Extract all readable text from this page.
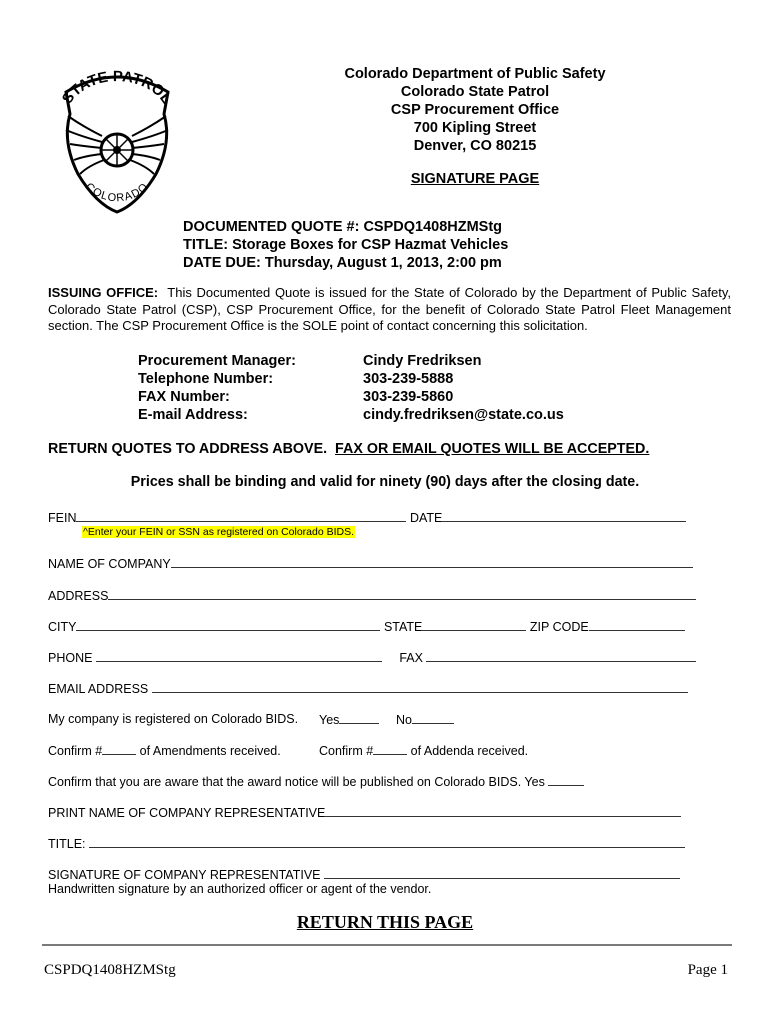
STATE PATROL
COLORADO
Colorado Department of Public Safety
Colorado State Patrol
CSP Procurement Office
700 Kipling Street
Denver, CO 80215
SIGNATURE PAGE
DOCUMENTED QUOTE #: CSPDQ1408HZMStg
TITLE: Storage Boxes for CSP Hazmat Vehicles
DATE DUE: Thursday, August 1, 2013, 2:00 pm
ISSUING OFFICE: This Documented Quote is issued for the State of Colorado by the Department of Public Safety, Colorado State Patrol (CSP), CSP Procurement Office, for the benefit of Colorado State Patrol Fleet Management section. The CSP Procurement Office is the SOLE point of contact concerning this solicitation.
Procurement Manager:	Cindy Fredriksen
Telephone Number:	303-239-5888
FAX Number:	303-239-5860
E-mail Address:	cindy.fredriksen@state.co.us
RETURN QUOTES TO ADDRESS ABOVE. FAX OR EMAIL QUOTES WILL BE ACCEPTED.
Prices shall be binding and valid for ninety (90) days after the closing date.
FEIN	DATE
^Enter your FEIN or SSN as registered on Colorado BIDS.
NAME OF COMPANY
ADDRESS
CITY	STATE	ZIP CODE
PHONE	FAX
EMAIL ADDRESS
My company is registered on Colorado BIDS. Yes	No
Confirm #	of Amendments received.	Confirm #	of Addenda received.
Confirm that you are aware that the award notice will be published on Colorado BIDS. Yes
PRINT NAME OF COMPANY REPRESENTATIVE
TITLE:
SIGNATURE OF COMPANY REPRESENTATIVE
Handwritten signature by an authorized officer or agent of the vendor.
RETURN THIS PAGE
CSPDQ1408HZMStg	Page 1
